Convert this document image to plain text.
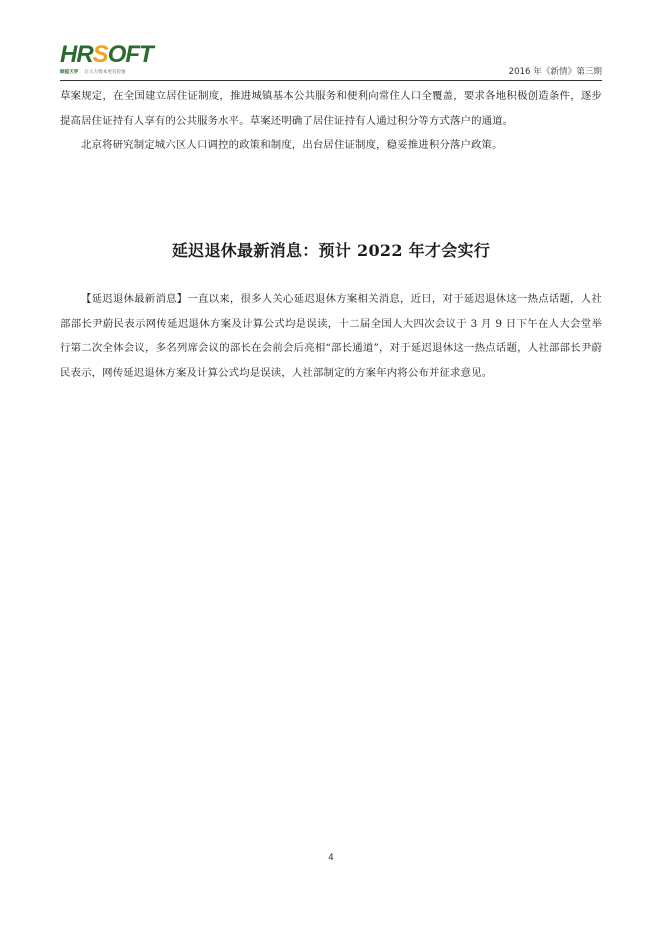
HRSOFT
顾能天界 让人力资本更有价值	2016 年《新情》第三期

草案规定，在全国建立居住证制度，推进城镇基本公共服务和便利向常住人口全覆盖，要求各地积极创造条件，逐步提高居住证持有人享有的公共服务水平。草案还明确了居住证持有人通过积分等方式落户的通道。

北京将研究制定城六区人口调控的政策和制度，出台居住证制度，稳妥推进积分落户政策。

延迟退休最新消息：预计 2022 年才会实行

【延迟退休最新消息】一直以来，很多人关心延迟退休方案相关消息，近日，对于延迟退休这一热点话题，人社部部长尹蔚民表示网传延迟退休方案及计算公式均是误读，十二届全国人大四次会议于 3 月 9 日下午在人大会堂举行第二次全体会议，多名列席会议的部长在会前会后亮相“部长通道”，对于延迟退休这一热点话题，人社部部长尹蔚民表示，网传延迟退休方案及计算公式均是误读，人社部制定的方案年内将公布并征求意见。

4
